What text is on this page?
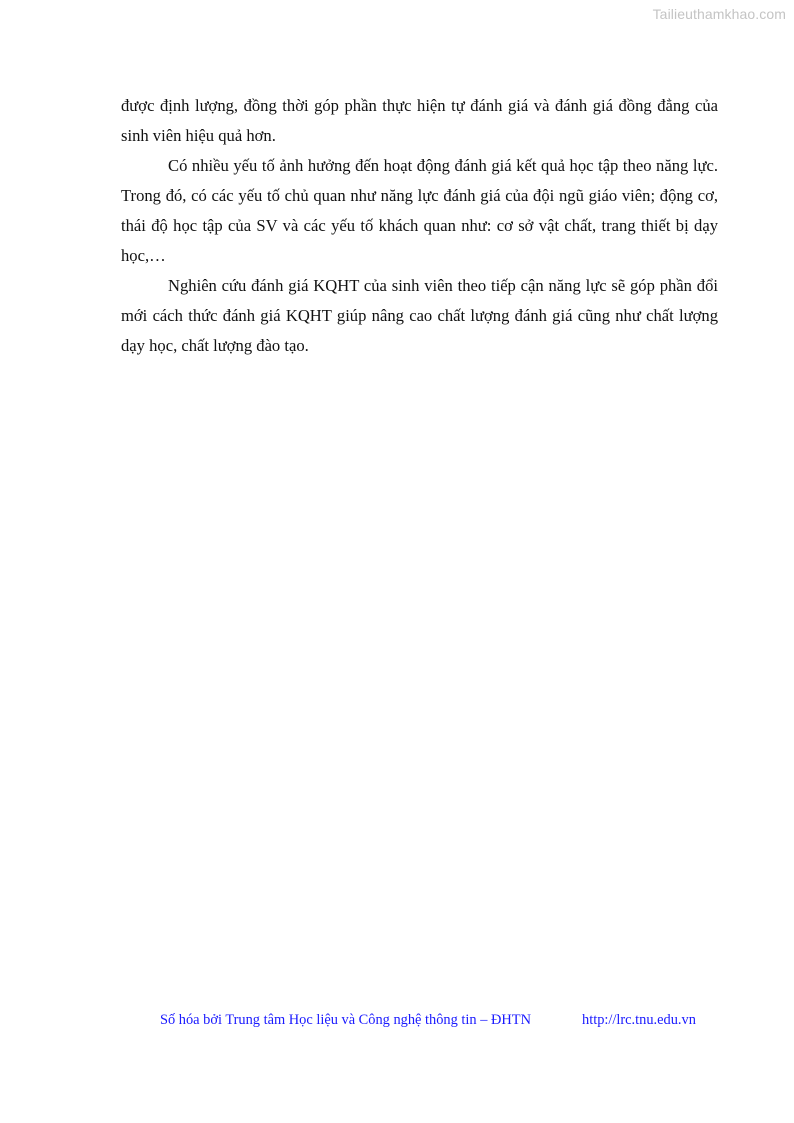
Tailieuthamkhao.com

được định lượng, đồng thời góp phần thực hiện tự đánh giá và đánh giá đồng đẳng của sinh viên hiệu quả hơn.

Có nhiều yếu tố ảnh hưởng đến hoạt động đánh giá kết quả học tập theo năng lực. Trong đó, có các yếu tố chủ quan như năng lực đánh giá của đội ngũ giáo viên; động cơ, thái độ học tập của SV và các yếu tố khách quan như: cơ sở vật chất, trang thiết bị dạy học,…

Nghiên cứu đánh giá KQHT của sinh viên theo tiếp cận năng lực sẽ góp phần đổi mới cách thức đánh giá KQHT giúp nâng cao chất lượng đánh giá cũng như chất lượng dạy học, chất lượng đào tạo.

Số hóa bởi Trung tâm Học liệu và Công nghệ thông tin – ĐHTN	http://lrc.tnu.edu.vn
